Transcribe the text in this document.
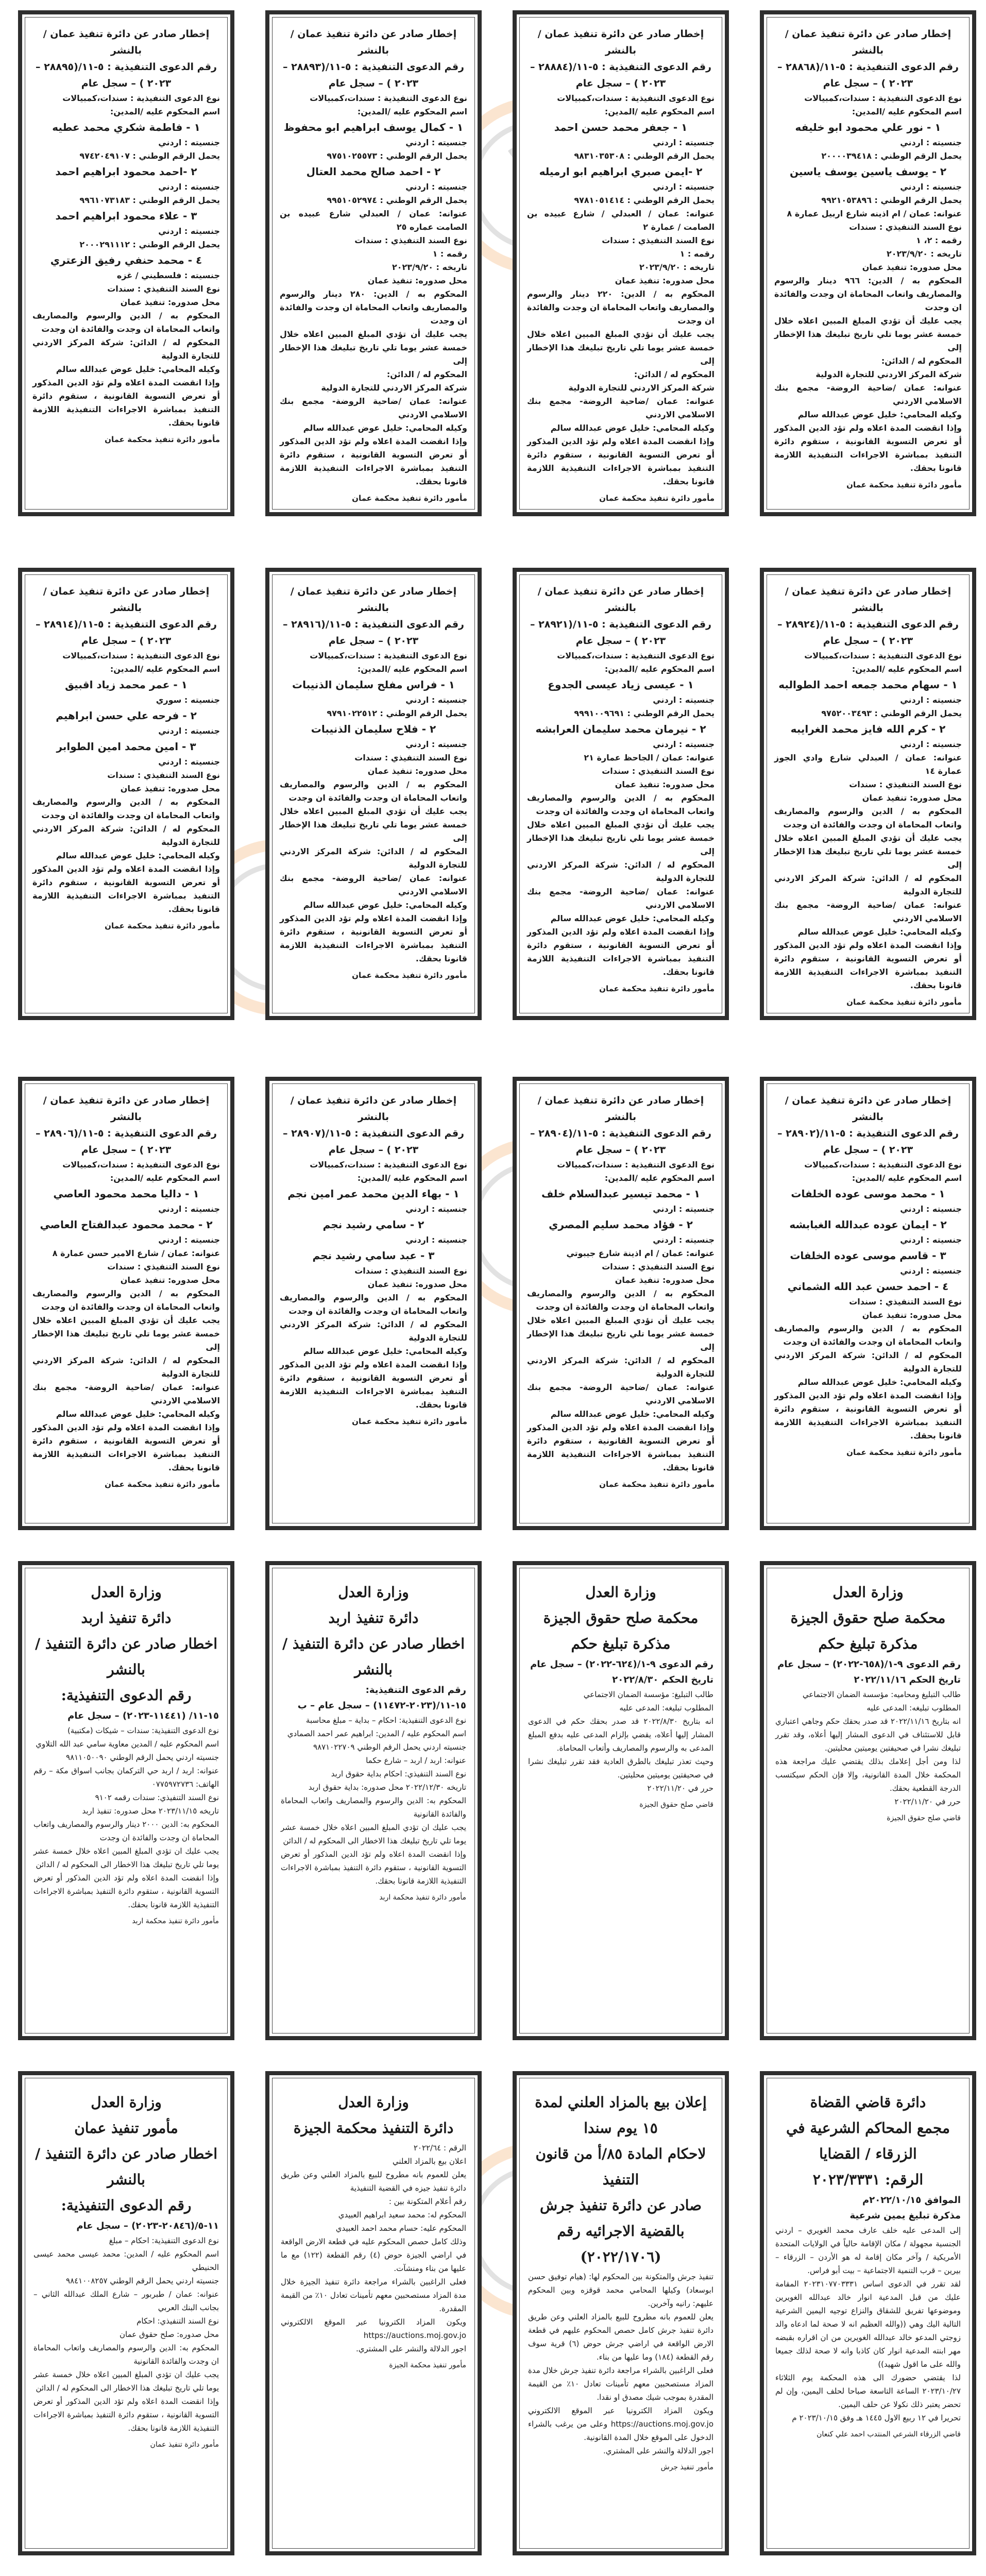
إخطار صادر عن دائرة تنفيذ عمان / بالنشر
رقم الدعوى التنفيذية : ٥-١١/(٢٨٨٦٨ – ٢٠٢٣ ) – سجل عام
نوع الدعوى التنفيذية : سندات،كمبيالات
اسم المحكوم عليه /المدين:
١ - نور علي محمود ابو خليفه
جنسيته : اردني
يحمل الرقم الوطني : ٢٠٠٠٠٣٩٤١٨
٢ - يوسف ياسين يوسف ياسين
جنسيته : اردني
يحمل الرقم الوطني : ٩٩٢١٠٥٣٨٩٦
عنوانه: عمان / ام اذينه شارع اربيل عمارة ٨
نوع السند التنفيذي : سندات
رقمه : ٢، ١
تاريخه : ٢٠٢٣/٩/٢٠
محل صدوره: تنفيذ عمان
المحكوم به / الدين: ٩٦٦ دينار والرسوم والمصاريف واتعاب المحاماة ان وجدت والفائدة ان وجدت
يجب عليك أن تؤدي المبلغ المبين اعلاه خلال خمسة عشر يوما تلي تاريخ تبليغك هذا الإخطار إلى
المحكوم له / الدائن:
شركة المركز الاردني للتجارة الدولية
عنوانه: عمان /ضاحية الروضة- مجمع بنك الاسلامي الاردني
وكيله المحامي: خليل عوض عبدالله سالم
وإذا انقضت المدة اعلاه ولم تؤد الدين المذكور أو تعرض التسوية القانونية ، ستقوم دائرة التنفيذ بمباشرة الاجراءات التنفيذية اللازمة قانونا بحقك.
مأمور دائرة تنفيذ محكمة عمان
إخطار صادر عن دائرة تنفيذ عمان / بالنشر
رقم الدعوى التنفيذية : ٥-١١/(٢٨٨٨٤ – ٢٠٢٣ ) – سجل عام
نوع الدعوى التنفيذية : سندات،كمبيالات
اسم المحكوم عليه /المدين:
١ - جعفر محمد حسن احمد
جنسيته : اردني
يحمل الرقم الوطني : ٩٨٣١٠٣٥٣٠٨
٢ -ايمن صبري ابراهيم ابو ارميله
جنسيته : اردني
يحمل الرقم الوطني : ٩٧٨١٠٥١٤١٤
عنوانه: عمان / العبدلي / شارع عبيده بن الصامت / عمارة ٢
نوع السند التنفيذي : سندات
رقمه : ١
تاريخه : ٢٠٢٣/٩/٢٠
محل صدوره: تنفيذ عمان
المحكوم به / الدين: ٢٢٠ دينار والرسوم والمصاريف واتعاب المحاماة ان وجدت والفائدة ان وجدت
يجب عليك أن تؤدي المبلغ المبين اعلاه خلال خمسة عشر يوما تلي تاريخ تبليغك هذا الإخطار إلى
المحكوم له / الدائن:
شركة المركز الاردني للتجارة الدولية
عنوانه: عمان /ضاحية الروضة- مجمع بنك الاسلامي الاردني
وكيله المحامي: خليل عوض عبدالله سالم
وإذا انقضت المدة اعلاه ولم تؤد الدين المذكور أو تعرض التسوية القانونية ، ستقوم دائرة التنفيذ بمباشرة الاجراءات التنفيذية اللازمة قانونا بحقك.
مأمور دائرة تنفيذ محكمة عمان
إخطار صادر عن دائرة تنفيذ عمان / بالنشر
رقم الدعوى التنفيذية : ٥-١١/(٢٨٨٩٣ – ٢٠٢٣ ) – سجل عام
نوع الدعوى التنفيذية : سندات،كمبيالات
اسم المحكوم عليه /المدين:
١ - كمال يوسف ابراهيم ابو محفوظ
جنسيته : اردني
يحمل الرقم الوطني : ٩٧٥١٠٢٥٥٧٣
٢ - احمد صالح محمد العتال
جنسيته : اردني
يحمل الرقم الوطني : ٩٩٥١٠٥٢٩٧٤
عنوانه: عمان / العبدلي شارع عبيده بن الصامت عماره ٢٥
نوع السند التنفيذي : سندات
رقمه : ١
تاريخه : ٢٠٢٣/٩/٢٠
محل صدوره: تنفيذ عمان
المحكوم به / الدين: ٢٨٠ دينار والرسوم والمصاريف واتعاب المحاماة ان وجدت والفائدة ان وجدت
يجب عليك أن تؤدي المبلغ المبين اعلاه خلال خمسة عشر يوما تلي تاريخ تبليغك هذا الإخطار إلى
المحكوم له / الدائن:
شركة المركز الاردني للتجارة الدولية
عنوانه: عمان /ضاحية الروضة- مجمع بنك الاسلامي الاردني
وكيله المحامي: خليل عوض عبدالله سالم
وإذا انقضت المدة اعلاه ولم تؤد الدين المذكور أو تعرض التسوية القانونية ، ستقوم دائرة التنفيذ بمباشرة الاجراءات التنفيذية اللازمة قانونا بحقك.
مأمور دائرة تنفيذ محكمة عمان
إخطار صادر عن دائرة تنفيذ عمان / بالنشر
رقم الدعوى التنفيذية : ٥-١١/(٢٨٨٩٥ – ٢٠٢٣ ) – سجل عام
نوع الدعوى التنفيذية : سندات،كمبيالات
اسم المحكوم عليه /المدين:
١ - فاطمة شكري محمد عطيه
جنسيته : اردني
يحمل الرقم الوطني : ٩٧٤٢٠٤٩١٠٧
٢ -احمد محمود ابراهيم احمد
جنسيته : اردني
يحمل الرقم الوطني : ٩٩٦١٠٧٣١٨٣
٣ - علاء محمود ابراهيم احمد
جنسيته : اردني
يحمل الرقم الوطني : ٢٠٠٠٢٩١١١٢
٤ - محمد حنفي رفيق الزعتري
جنسيته : فلسطيني / غزه
نوع السند التنفيذي : سندات
محل صدوره: تنفيذ عمان
المحكوم به / الدين والرسوم والمصاريف واتعاب المحاماة ان وجدت والفائدة ان وجدت
المحكوم له / الدائن: شركة المركز الاردني للتجارة الدولية
وكيله المحامي: خليل عوض عبدالله سالم
وإذا انقضت المدة اعلاه ولم تؤد الدين المذكور أو تعرض التسوية القانونية ، ستقوم دائرة التنفيذ بمباشرة الاجراءات التنفيذية اللازمة قانونا بحقك.
مأمور دائرة تنفيذ محكمة عمان
إخطار صادر عن دائرة تنفيذ عمان / بالنشر
رقم الدعوى التنفيذية : ٥-١١/(٢٨٩٢٤ – ٢٠٢٣ ) – سجل عام
نوع الدعوى التنفيذية : سندات،كمبيالات
اسم المحكوم عليه /المدين:
١ - سهام محمد جمعه احمد الطوالبه
جنسيته : اردني
يحمل الرقم الوطني : ٩٧٥٢٠٠٣٤٩٣
٢ - كرم الله فايز محمد الغرايبه
جنسيته : اردني
عنوانه: عمان / العبدلي شارع وادي الجوز عمارة ١٤
نوع السند التنفيذي : سندات
محل صدوره: تنفيذ عمان
المحكوم به / الدين والرسوم والمصاريف واتعاب المحاماة ان وجدت والفائدة ان وجدت
يجب عليك أن تؤدي المبلغ المبين اعلاه خلال خمسة عشر يوما تلي تاريخ تبليغك هذا الإخطار إلى
المحكوم له / الدائن: شركة المركز الاردني للتجارة الدولية
عنوانه: عمان /ضاحية الروضة- مجمع بنك الاسلامي الاردني
وكيله المحامي: خليل عوض عبدالله سالم
وإذا انقضت المدة اعلاه ولم تؤد الدين المذكور أو تعرض التسوية القانونية ، ستقوم دائرة التنفيذ بمباشرة الاجراءات التنفيذية اللازمة قانونا بحقك.
مأمور دائرة تنفيذ محكمة عمان
إخطار صادر عن دائرة تنفيذ عمان / بالنشر
رقم الدعوى التنفيذية : ٥-١١/(٢٨٩٢١ – ٢٠٢٣ ) – سجل عام
نوع الدعوى التنفيذية : سندات،كمبيالات
اسم المحكوم عليه /المدين:
١ - عيسى زياد عيسى الجدوع
جنسيته : اردني
يحمل الرقم الوطني : ٩٩٩١٠٠٩٦٩١
٢ - نيرمان محمد سليمان العرابشه
جنسيته : اردني
عنوانه: عمان / الجاحظ عمارة ٢١
نوع السند التنفيذي : سندات
محل صدوره: تنفيذ عمان
المحكوم به / الدين والرسوم والمصاريف واتعاب المحاماة ان وجدت والفائدة ان وجدت
يجب عليك أن تؤدي المبلغ المبين اعلاه خلال خمسة عشر يوما تلي تاريخ تبليغك هذا الإخطار إلى
المحكوم له / الدائن: شركة المركز الاردني للتجارة الدولية
عنوانه: عمان /ضاحية الروضة- مجمع بنك الاسلامي الاردني
وكيله المحامي: خليل عوض عبدالله سالم
وإذا انقضت المدة اعلاه ولم تؤد الدين المذكور أو تعرض التسوية القانونية ، ستقوم دائرة التنفيذ بمباشرة الاجراءات التنفيذية اللازمة قانونا بحقك.
مأمور دائرة تنفيذ محكمة عمان
إخطار صادر عن دائرة تنفيذ عمان / بالنشر
رقم الدعوى التنفيذية : ٥-١١/(٢٨٩١٦ – ٢٠٢٣ ) – سجل عام
نوع الدعوى التنفيذية : سندات،كمبيالات
اسم المحكوم عليه /المدين:
١ - فراس مفلح سليمان الذنيبات
جنسيته : اردني
يحمل الرقم الوطني : ٩٧٩١٠٢٢٥١٢
٢ - فلاح سليمان الذنيبات
جنسيته : اردني
نوع السند التنفيذي : سندات
محل صدوره: تنفيذ عمان
المحكوم به / الدين والرسوم والمصاريف واتعاب المحاماة ان وجدت والفائدة ان وجدت
يجب عليك أن تؤدي المبلغ المبين اعلاه خلال خمسة عشر يوما تلي تاريخ تبليغك هذا الإخطار إلى
المحكوم له / الدائن: شركة المركز الاردني للتجارة الدولية
عنوانه: عمان /ضاحية الروضة- مجمع بنك الاسلامي الاردني
وكيله المحامي: خليل عوض عبدالله سالم
وإذا انقضت المدة اعلاه ولم تؤد الدين المذكور أو تعرض التسوية القانونية ، ستقوم دائرة التنفيذ بمباشرة الاجراءات التنفيذية اللازمة قانونا بحقك.
مأمور دائرة تنفيذ محكمة عمان
إخطار صادر عن دائرة تنفيذ عمان / بالنشر
رقم الدعوى التنفيذية : ٥-١١/(٢٨٩١٤ – ٢٠٢٣ ) – سجل عام
نوع الدعوى التنفيذية : سندات،كمبيالات
اسم المحكوم عليه /المدين:
١ - عمر محمد زياد اقبيق
جنسيته : سوري
٢ - فرحه علي حسن ابراهيم
جنسيته : اردني
٣ - امين محمد امين الطوابر
جنسيته : اردني
نوع السند التنفيذي : سندات
محل صدوره: تنفيذ عمان
المحكوم به / الدين والرسوم والمصاريف واتعاب المحاماة ان وجدت والفائدة ان وجدت
المحكوم له / الدائن: شركة المركز الاردني للتجارة الدولية
وكيله المحامي: خليل عوض عبدالله سالم
وإذا انقضت المدة اعلاه ولم تؤد الدين المذكور أو تعرض التسوية القانونية ، ستقوم دائرة التنفيذ بمباشرة الاجراءات التنفيذية اللازمة قانونا بحقك.
مأمور دائرة تنفيذ محكمة عمان
إخطار صادر عن دائرة تنفيذ عمان / بالنشر
رقم الدعوى التنفيذية : ٥-١١/(٢٨٩٠٢ – ٢٠٢٣ ) – سجل عام
نوع الدعوى التنفيذية : سندات،كمبيالات
اسم المحكوم عليه /المدين:
١ - محمد موسى عوده الخلفات
جنسيته : اردني
٢ - ايمان عوده عبدالله الغبابشه
جنسيته : اردني
٣ - قاسم موسى عوده الخلفات
جنسيته : اردني
٤ - احمد حسن عبد الله الشماني
نوع السند التنفيذي : سندات
محل صدوره: تنفيذ عمان
المحكوم به / الدين والرسوم والمصاريف واتعاب المحاماة ان وجدت والفائدة ان وجدت
المحكوم له / الدائن: شركة المركز الاردني للتجارة الدولية
وكيله المحامي: خليل عوض عبدالله سالم
وإذا انقضت المدة اعلاه ولم تؤد الدين المذكور أو تعرض التسوية القانونية ، ستقوم دائرة التنفيذ بمباشرة الاجراءات التنفيذية اللازمة قانونا بحقك.
مأمور دائرة تنفيذ محكمة عمان
إخطار صادر عن دائرة تنفيذ عمان / بالنشر
رقم الدعوى التنفيذية : ٥-١١/(٢٨٩٠٤ – ٢٠٢٣ ) – سجل عام
نوع الدعوى التنفيذية : سندات،كمبيالات
اسم المحكوم عليه /المدين:
١ - محمد تيسير عبدالسلام خلف
جنسيته : اردني
٢ - فؤاد محمد سليم المصري
جنسيته : اردني
عنوانه: عمان / ام اذينة شارع جيبوتي
نوع السند التنفيذي : سندات
محل صدوره: تنفيذ عمان
المحكوم به / الدين والرسوم والمصاريف واتعاب المحاماة ان وجدت والفائدة ان وجدت
يجب عليك أن تؤدي المبلغ المبين اعلاه خلال خمسة عشر يوما تلي تاريخ تبليغك هذا الإخطار إلى
المحكوم له / الدائن: شركة المركز الاردني للتجارة الدولية
عنوانه: عمان /ضاحية الروضة- مجمع بنك الاسلامي الاردني
وكيله المحامي: خليل عوض عبدالله سالم
وإذا انقضت المدة اعلاه ولم تؤد الدين المذكور أو تعرض التسوية القانونية ، ستقوم دائرة التنفيذ بمباشرة الاجراءات التنفيذية اللازمة قانونا بحقك.
مأمور دائرة تنفيذ محكمة عمان
إخطار صادر عن دائرة تنفيذ عمان / بالنشر
رقم الدعوى التنفيذية : ٥-١١/(٢٨٩٠٧ – ٢٠٢٣ ) – سجل عام
نوع الدعوى التنفيذية : سندات،كمبيالات
اسم المحكوم عليه /المدين:
١ - بهاء الدين محمد عمر امين نجم
جنسيته : اردني
٢ - سامي رشيد نجم
جنسيته : اردني
٣ - عبد سامي رشيد نجم
نوع السند التنفيذي : سندات
محل صدوره: تنفيذ عمان
المحكوم به / الدين والرسوم والمصاريف واتعاب المحاماة ان وجدت والفائدة ان وجدت
المحكوم له / الدائن: شركة المركز الاردني للتجارة الدولية
وكيله المحامي: خليل عوض عبدالله سالم
وإذا انقضت المدة اعلاه ولم تؤد الدين المذكور أو تعرض التسوية القانونية ، ستقوم دائرة التنفيذ بمباشرة الاجراءات التنفيذية اللازمة قانونا بحقك.
مأمور دائرة تنفيذ محكمة عمان
إخطار صادر عن دائرة تنفيذ عمان / بالنشر
رقم الدعوى التنفيذية : ٥-١١/(٢٨٩٠٦ – ٢٠٢٣ ) – سجل عام
نوع الدعوى التنفيذية : سندات،كمبيالات
اسم المحكوم عليه /المدين:
١ - داليا محمد محمود العاصي
جنسيته : اردني
٢ - محمد محمود عبدالفتاح العاصي
جنسيته : اردني
عنوانه: عمان / شارع الامير حسن عمارة ٨
نوع السند التنفيذي : سندات
محل صدوره: تنفيذ عمان
المحكوم به / الدين والرسوم والمصاريف واتعاب المحاماة ان وجدت والفائدة ان وجدت
يجب عليك أن تؤدي المبلغ المبين اعلاه خلال خمسة عشر يوما تلي تاريخ تبليغك هذا الإخطار إلى
المحكوم له / الدائن: شركة المركز الاردني للتجارة الدولية
عنوانه: عمان /ضاحية الروضة- مجمع بنك الاسلامي الاردني
وكيله المحامي: خليل عوض عبدالله سالم
وإذا انقضت المدة اعلاه ولم تؤد الدين المذكور أو تعرض التسوية القانونية ، ستقوم دائرة التنفيذ بمباشرة الاجراءات التنفيذية اللازمة قانونا بحقك.
مأمور دائرة تنفيذ محكمة عمان
وزارة العدل
محكمة صلح حقوق الجيزة
مذكرة تبليغ حكم
رقم الدعوى ٩-١/(٦٥٨-٢٠٢٢) – سجل عام
تاريخ الحكم ٢٠٢٢/١١/١٦
طالب التبليغ ومحاميه: مؤسسة الضمان الاجتماعي
المطلوب تبليغه: المدعى عليه
انه بتاريخ ٢٠٢٢/١١/١٦ قد صدر بحقك حكم وجاهي اعتباري قابل للاستئناف في الدعوى المشار إليها أعلاه، وقد تقرر تبليغك نشرا في صحيفتين يوميتين محليتين.
لذا ومن أجل إعلامك بذلك يقتضي عليك مراجعة هذه المحكمة خلال المدة القانونية، وإلا فإن الحكم سيكتسب الدرجة القطعية بحقك.
حرر في ٢٠٢٢/١١/٢٠
قاضي صلح حقوق الجيزة
وزارة العدل
محكمة صلح حقوق الجيزة
مذكرة تبليغ حكم
رقم الدعوى ٩-١/(٦٢٤-٢٠٢٢) – سجل عام
تاريخ الحكم ٢٠٢٢/٨/٣٠
طالب التبليغ: مؤسسة الضمان الاجتماعي
المطلوب تبليغه: المدعى عليه
انه بتاريخ ٢٠٢٢/٨/٣٠ قد صدر بحقك حكم في الدعوى المشار إليها أعلاه، يقضي بإلزام المدعى عليه بدفع المبلغ المدعى به والرسوم والمصاريف وأتعاب المحاماة.
وحيث تعذر تبليغك بالطرق العادية فقد تقرر تبليغك نشرا في صحيفتين يوميتين محليتين.
حرر في ٢٠٢٢/١١/٢٠
قاضي صلح حقوق الجيزة
وزارة العدل
دائرة تنفيذ اربد
اخطار صادر عن دائرة التنفيذ / بالنشر
رقم الدعوى التنفيذية: ١٥-١١/(٢٠٢٣-١١٤٧٢) – سجل عام – ب
نوع الدعوى التنفيذية: احكام – بداية – مبلغ محاسبة
اسم المحكوم عليه / المدين: ابراهيم عمر احمد الصمادي
جنسيته اردني يحمل الرقم الوطني ٩٨٧١٠٢٢٧٠٩
عنوانه: اربد / اربد – شارع حكما
نوع السند التنفيذي: احكام بداية حقوق اربد
تاريخه ٢٠٢٢/١٢/٣٠ محل صدوره: بداية حقوق اربد
المحكوم به: الدين والرسوم والمصاريف واتعاب المحاماة والفائدة القانونية
يجب عليك ان تؤدي المبلغ المبين اعلاه خلال خمسة عشر يوما تلي تاريخ تبليغك هذا الاخطار الى المحكوم له / الدائن
وإذا انقضت المدة اعلاه ولم تؤد الدين المذكور أو تعرض التسوية القانونية ، ستقوم دائرة التنفيذ بمباشرة الاجراءات التنفيذية اللازمة قانونا بحقك.
مأمور دائرة تنفيذ محكمة اربد
وزارة العدل
دائرة تنفيذ اربد
اخطار صادر عن دائرة التنفيذ / بالنشر
رقم الدعوى التنفيذية:
١٥-١١/ (١١٤٤١-٢٠٢٣) – سجل عام
نوع الدعوى التنفيذية: سندات – شيكات (مكتبية)
اسم المحكوم عليه / المدين معاوية سامي عبد الله التلاوي
جنسيته اردني يحمل الرقم الوطني ٩٨١١٠٥٠٠٩٠
عنوانه: اربد / اربد حي التركمان بجانب اسواق مكة – رقم الهاتف: ٠٧٧٥٩٧٢٧٣٦
نوع السند التنفيذي: سندات رقمه ٩١٠٢
تاريخه ٢٠٢٣/١١/١٥ محل صدوره: تنفيذ اربد
المحكوم به: الدين ٢٠٠٠ دينار والرسوم والمصاريف واتعاب المحاماة ان وجدت والفائدة ان وجدت
يجب عليك ان تؤدي المبلغ المبين اعلاه خلال خمسة عشر يوما تلي تاريخ تبليغك هذا الاخطار الى المحكوم له / الدائن
وإذا انقضت المدة اعلاه ولم تؤد الدين المذكور أو تعرض التسوية القانونية ، ستقوم دائرة التنفيذ بمباشرة الاجراءات التنفيذية اللازمة قانونا بحقك.
مأمور دائرة تنفيذ محكمة اربد
دائرة قاضي القضاة
مجمع المحاكم الشرعية في الزرقاء / القضايا
الرقم: ٢٠٢٣/٣٣٣١
الموافق ٢٠٢٢/١٠/١٥م
مذكرة تبليغ يمين شرعية
إلى المدعى عليه خلف عارف محمد الغويري – اردني الجنسية مجهولة / مكان الإقامة حالياً في الولايات المتحدة الأمريكية / وآخر مكان إقامة له هو الأردن – الزرقاء – بيرين – قرب التنمية الاجتماعية – بيت أبو فراس.
لقد تقرر في الدعوى اساس ٢٠٢٣١٠٧٧٠٣٣٣١ المقامة عليك من قبل المدعية انوار خالد عبدالله الغويرين وموضوعها تفريق للشقاق والنزاع توجيه اليمين الشرعية التالية اليك وهي ((والله العظيم انه لا صحة لما ادعاه والد زوجتي المدعو خالد عبدالله الغويرين من ان اقراره بقبضه مهر ابنته المدعية انوار كان كاذبا وانه لا صحة لذلك جميعا والله على ما اقول شهيد))
لذا يقتضي حضورك الى هذه المحكمة يوم الثلاثاء ٢٠٢٣/١٠/٢٧ الساعة التاسعة صباحا لحلف اليمين، وإن لم تحضر يعتبر ذلك نكولا عن حلف اليمين.
تحريرا في ١٢ ربيع الاول ١٤٤٥ هـ وفق ٢٠٢٣/١٠/١٥ م
قاضي الزرقاء الشرعي المنتدب احمد علي كنعان
إعلان بيع بالمزاد العلني لمدة ١٥ يوم سندا
لاحكام المادة ٨٥/أ من قانون التنفيذ
صادر عن دائرة تنفيذ جرش بالقضية الاجرائيه رقم (٢٠٢٢/١٧٠٦)
تنفيذ جرش والمتكونة بين المحكوم لها: (هيام توفيق حسن ابوسعاد) وكيلها المحامي محمد قوقزه وبين المحكوم عليهم: رانيه وآخرين.
يعلن للعموم بانه مطروح للبيع بالمزاد العلني وعن طريق دائرة تنفيذ جرش كامل حصص المحكوم عليهم في قطعة الارض الواقعة في اراضي جرش حوض (٦) قرية سوف رقم القطعة (١٨٤) وما عليها من بناء.
فعلى الراغبين بالشراء مراجعة دائرة تنفيذ جرش خلال مدة المزاد مستصحبين معهم تأمينات تعادل ١٠٪ من القيمة المقدرة بموجب شيك مصدق او نقدا.
ويكون المزاد الكترونيا عبر الموقع الالكتروني https://auctions.moj.gov.jo وعلى من يرغب بالشراء الدخول على الموقع خلال المدة القانونية.
اجور الدلالة والنشر على المشتري.
مأمور تنفيذ جرش
وزارة العدل
دائرة التنفيذ محكمة الجيزة
الرقم : ٢٠٢٢/٦٤
اعلان بيع بالمزاد العلني
يعلن للعموم بانه مطروح للبيع بالمزاد العلني وعن طريق دائرة تنفيذ جيزه في القضية التنفيذية
رقم أعلام المتكونة بين :
المحكوم له: محمد سعيد ابراهيم العبيدي
المحكوم عليه: حسام محمد احمد العبيدي
وذلك كامل حصص المحكوم عليه في قطعة الارض الواقعة في اراضي الجيزة حوض (٤) رقم القطعة (١٢٢) مع ما عليها من بناء ومنشآت.
فعلى الراغبين بالشراء مراجعة دائرة تنفيذ الجيزة خلال مدة المزاد مستصحبين معهم تأمينات تعادل ١٠٪ من القيمة المقدرة.
ويكون المزاد الكترونيا عبر الموقع الالكتروني https://auctions.moj.gov.jo
اجور الدلالة والنشر على المشتري.
مأمور تنفيذ محكمة الجيزة
وزارة العدل
مأمور تنفيذ عمان
اخطار صادر عن دائرة التنفيذ / بالنشر
رقم الدعوى التنفيذية:
١١-٥/(٢٠٨٤٦-٢٠٢٣) – سجل عام
نوع الدعوى التنفيذية: احكام – مبلغ
اسم المحكوم عليه / المدين: محمد عيسى محمد عيسى الحنيطي
جنسيته اردني يحمل الرقم الوطني ٩٨٤١٠٠٨٢٥٧
عنوانه: عمان / طبربور – شارع الملك عبدالله الثاني – بجانب البنك العربي
نوع السند التنفيذي: احكام
محل صدوره: صلح حقوق عمان
المحكوم به: الدين والرسوم والمصاريف واتعاب المحاماة ان وجدت والفائدة القانونية
يجب عليك ان تؤدي المبلغ المبين اعلاه خلال خمسة عشر يوما تلي تاريخ تبليغك هذا الاخطار الى المحكوم له / الدائن
وإذا انقضت المدة اعلاه ولم تؤد الدين المذكور أو تعرض التسوية القانونية ، ستقوم دائرة التنفيذ بمباشرة الاجراءات التنفيذية اللازمة قانونا بحقك.
مأمور دائرة تنفيذ عمان
